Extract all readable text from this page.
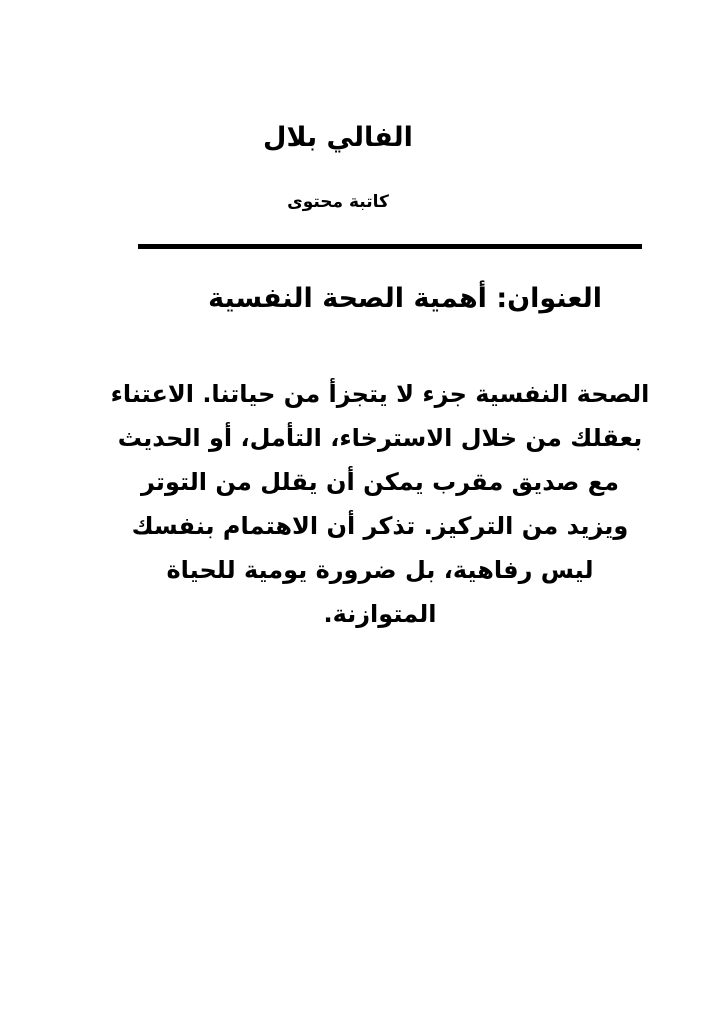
الفالي بلال
كاتبة محتوى
العنوان: أهمية الصحة النفسية
الصحة النفسية جزء لا يتجزأ من حياتنا. الاعتناء بعقلك من خلال الاسترخاء، التأمل، أو الحديث مع صديق مقرب يمكن أن يقلل من التوتر ويزيد من التركيز. تذكر أن الاهتمام بنفسك ليس رفاهية، بل ضرورة يومية للحياة المتوازنة.
